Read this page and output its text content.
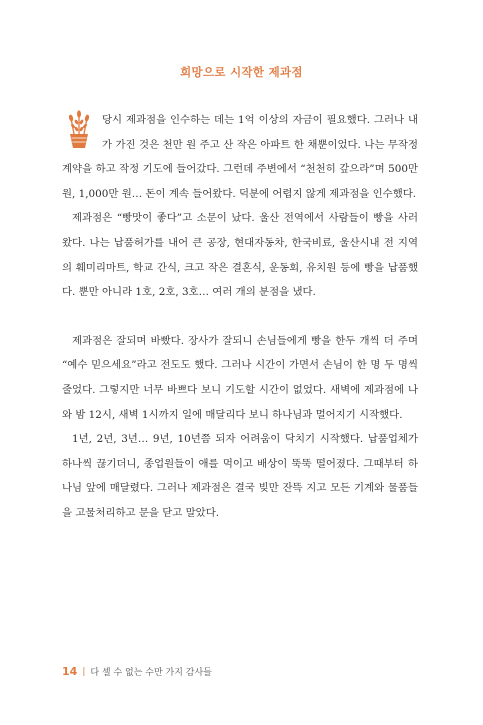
희망으로 시작한 제과점

당시 제과점을 인수하는 데는 1억 이상의 자금이 필요했다. 그러나 내가 가진 것은 천만 원 주고 산 작은 아파트 한 채뿐이었다. 나는 무작정 계약을 하고 작정 기도에 들어갔다. 그런데 주변에서 “천천히 갚으라”며 500만 원, 1,000만 원… 돈이 계속 들어왔다. 덕분에 어렵지 않게 제과점을 인수했다.

제과점은 “빵맛이 좋다”고 소문이 났다. 울산 전역에서 사람들이 빵을 사러 왔다. 나는 납품허가를 내어 큰 공장, 현대자동차, 한국비료, 울산시내 전 지역의 훼미리마트, 학교 간식, 크고 작은 결혼식, 운동회, 유치원 등에 빵을 납품했다. 뿐만 아니라 1호, 2호, 3호… 여러 개의 분점을 냈다.

제과점은 잘되며 바빴다. 장사가 잘되니 손님들에게 빵을 한두 개씩 더 주며 “예수 믿으세요”라고 전도도 했다. 그러나 시간이 가면서 손님이 한 명 두 명씩 줄었다. 그렇지만 너무 바쁘다 보니 기도할 시간이 없었다. 새벽에 제과점에 나와 밤 12시, 새벽 1시까지 일에 매달리다 보니 하나님과 멀어지기 시작했다.

1년, 2년, 3년… 9년, 10년쯤 되자 어려움이 닥치기 시작했다. 납품업체가 하나씩 끊기더니, 종업원들이 애를 먹이고 배상이 뚝뚝 떨어졌다. 그때부터 하나님 앞에 매달렸다. 그러나 제과점은 결국 빚만 잔뜩 지고 모든 기계와 물품들을 고물처리하고 문을 닫고 말았다.

14 | 다 셀 수 없는 수만 가지 감사들
